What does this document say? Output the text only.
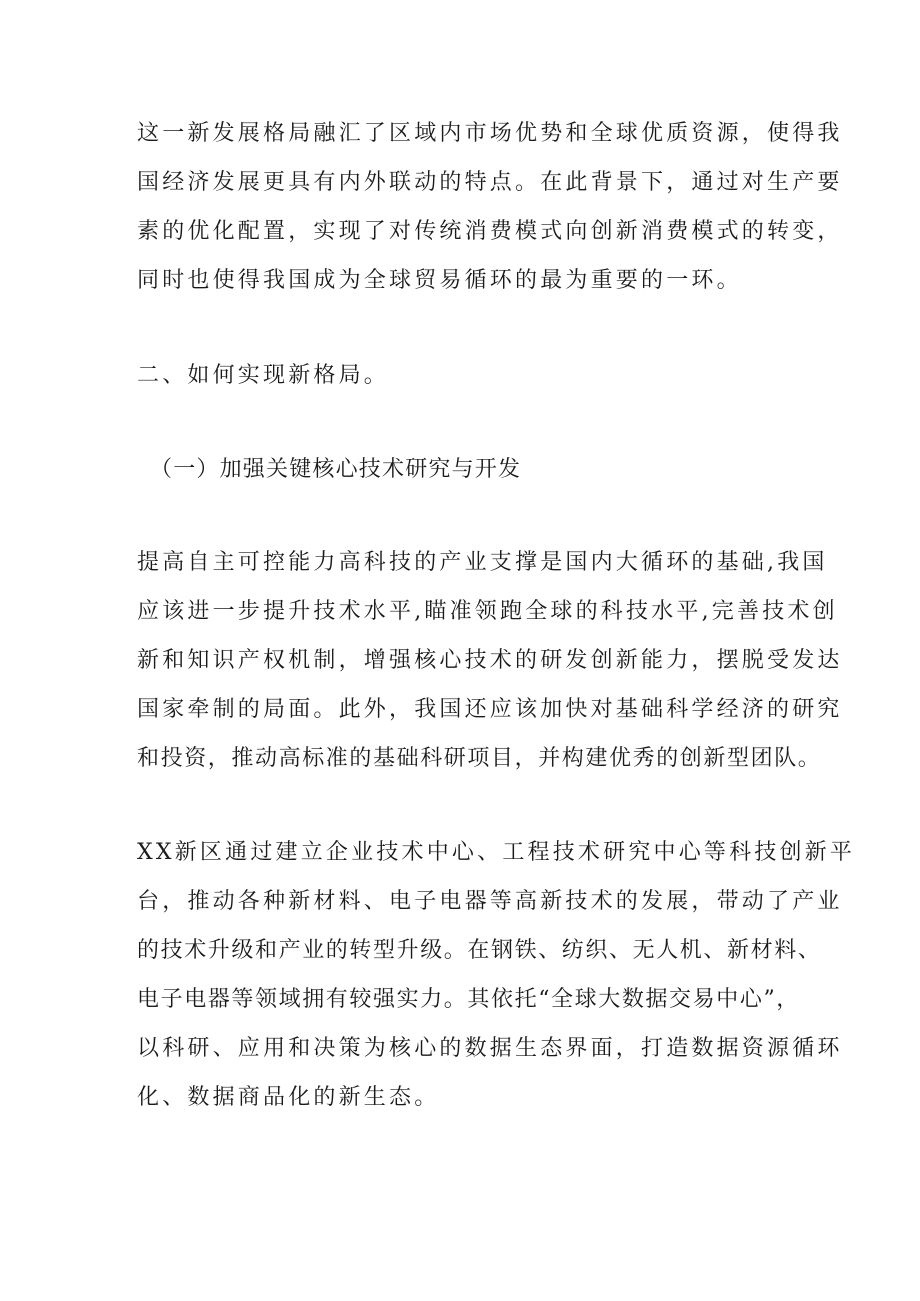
这一新发展格局融汇了区域内市场优势和全球优质资源，使得我

国经济发展更具有内外联动的特点。在此背景下，通过对生产要

素的优化配置，实现了对传统消费模式向创新消费模式的转变，

同时也使得我国成为全球贸易循环的最为重要的一环。

二、如何实现新格局。

（一）加强关键核心技术研究与开发

提高自主可控能力高科技的产业支撑是国内大循环的基础,我国

应该进一步提升技术水平,瞄准领跑全球的科技水平,完善技术创

新和知识产权机制，增强核心技术的研发创新能力，摆脱受发达

国家牵制的局面。此外，我国还应该加快对基础科学经济的研究

和投资，推动高标准的基础科研项目，并构建优秀的创新型团队。

XX新区通过建立企业技术中心、工程技术研究中心等科技创新平

台，推动各种新材料、电子电器等高新技术的发展，带动了产业

的技术升级和产业的转型升级。在钢铁、纺织、无人机、新材料、

电子电器等领域拥有较强实力。其依托“全球大数据交易中心”，

以科研、应用和决策为核心的数据生态界面，打造数据资源循环

化、数据商品化的新生态。
